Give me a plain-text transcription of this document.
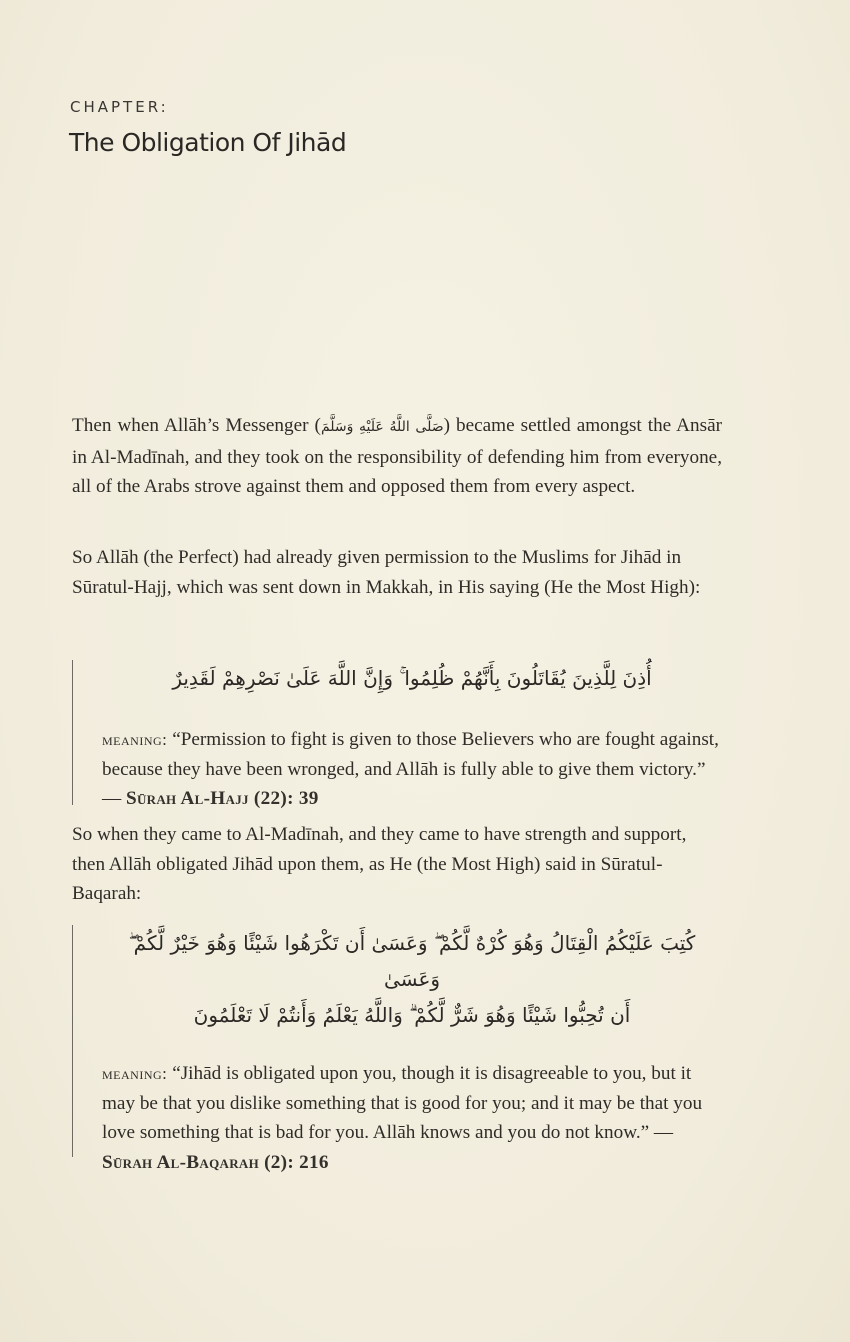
CHAPTER:
The Obligation Of Jihād

Then when Allāh’s Messenger (صَلَّى اللَّهُ عَلَيْهِ وَسَلَّمَ) became settled amongst the Ansār in Al-Madīnah, and they took on the responsibility of defending him from everyone, all of the Arabs strove against them and opposed them from every aspect.

So Allāh (the Perfect) had already given permission to the Muslims for Jihād in Sūratul-Hajj, which was sent down in Makkah, in His saying (He the Most High):

أُذِنَ لِلَّذِينَ يُقَاتَلُونَ بِأَنَّهُمْ ظُلِمُوا ۚ وَإِنَّ اللَّهَ عَلَىٰ نَصْرِهِمْ لَقَدِيرٌ
meaning: “Permission to fight is given to those Believers who are fought against, because they have been wronged, and Allāh is fully able to give them victory.” — Sūrah Al-Hajj (22): 39

So when they came to Al-Madīnah, and they came to have strength and support, then Allāh obligated Jihād upon them, as He (the Most High) said in Sūratul-Baqarah:

كُتِبَ عَلَيْكُمُ الْقِتَالُ وَهُوَ كُرْهٌ لَّكُمْ ۖ وَعَسَىٰ أَن تَكْرَهُوا شَيْئًا وَهُوَ خَيْرٌ لَّكُمْ ۖ وَعَسَىٰ
أَن تُحِبُّوا شَيْئًا وَهُوَ شَرٌّ لَّكُمْ ۗ وَاللَّهُ يَعْلَمُ وَأَنتُمْ لَا تَعْلَمُونَ
meaning: “Jihād is obligated upon you, though it is disagreeable to you, but it may be that you dislike something that is good for you; and it may be that you love something that is bad for you. Allāh knows and you do not know.” — Sūrah Al-Baqarah (2): 216
